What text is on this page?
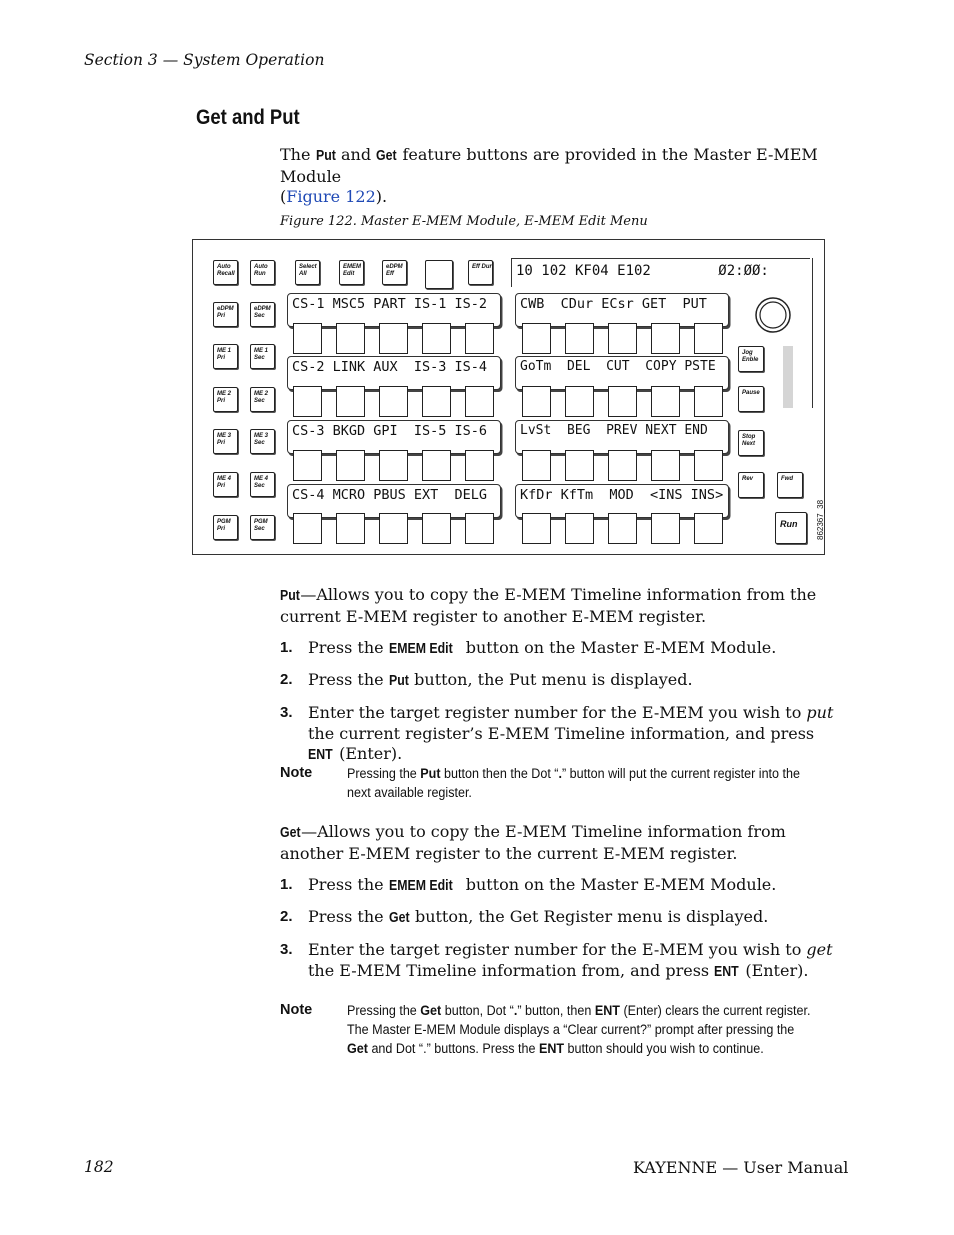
Section 3 — System Operation
Get and Put
The Put and Get feature buttons are provided in the Master E-MEM Module
(Figure 122).
Figure 122. Master E-MEM Module, E-MEM Edit Menu
Auto Recall
Auto Run
Select All
EMEM Edit
eDPM Eff
Eff Dur
eDPM Pri
ME 1 Pri
ME 2 Pri
ME 3 Pri
ME 4 Pri
PGM Pri
eDPM Sec
ME 1 Sec
ME 2 Sec
ME 3 Sec
ME 4 Sec
PGM Sec
10 102 KF04 E102        Ø2:ØØ:
CS-1 MSC5 PART IS-1 IS-2
CS-2 LINK AUX  IS-3 IS-4
CS-3 BKGD GPI  IS-5 IS-6
CS-4 MCRO PBUS EXT  DELG
CWB  CDur ECsr GET  PUT
GoTm  DEL  CUT  COPY PSTE
LvSt  BEG  PREV NEXT END
KfDr KfTm  MOD  <INS INS>
Jog Enble
Pause
Stop Next
Rev	Fwd
Run 8623​67_38
Put—Allows you to copy the E-MEM Timeline information from the current E-MEM register to another E-MEM register.
1. Press the EMEM Edit button on the Master E-MEM Module.
2. Press the Put button, the Put menu is displayed.
3. Enter the target register number for the E-MEM you wish to put the current register’s E-MEM Timeline information, and press ENT (Enter).
Note	Pressing the Put button then the Dot “.” button will put the current register into the next available register.
Get—Allows you to copy the E-MEM Timeline information from another E-MEM register to the current E-MEM register.
1. Press the EMEM Edit button on the Master E-MEM Module.
2. Press the Get button, the Get Register menu is displayed.
3. Enter the target register number for the E-MEM you wish to get the E-MEM Timeline information from, and press ENT (Enter).
Note	Pressing the Get button, Dot “.” button, then ENT (Enter) clears the current register. The Master E-MEM Module displays a “Clear current?” prompt after pressing the Get and Dot “.” buttons. Press the ENT button should you wish to continue.
182	KAYENNE — User Manual
